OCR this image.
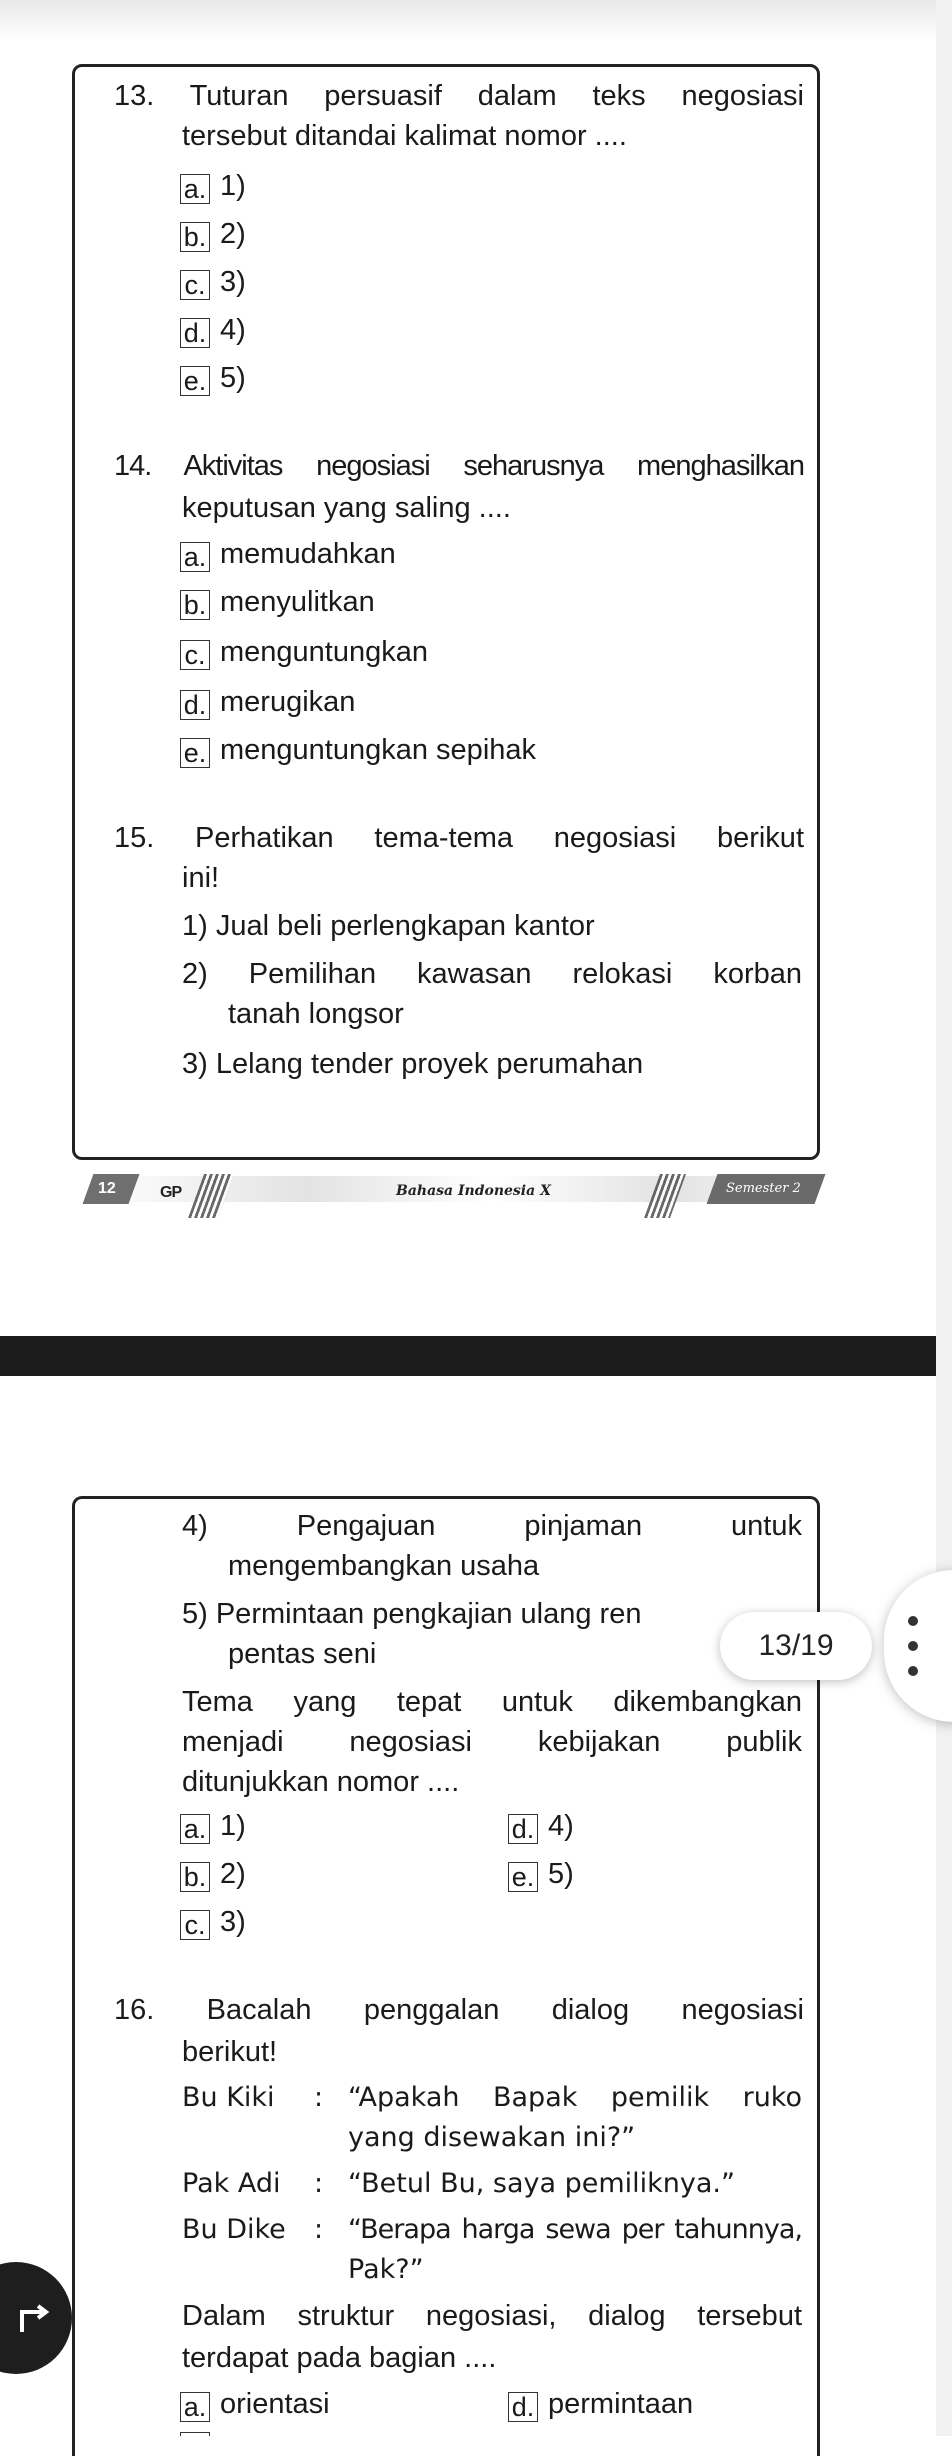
13. Tuturan persuasif dalam teks negosiasi
tersebut ditandai kalimat nomor ....
a. 1)
b. 2)
c. 3)
d. 4)
e. 5)
14. Aktivitas negosiasi seharusnya menghasilkan
keputusan yang saling ....
a. memudahkan
b. menyulitkan
c. menguntungkan
d. merugikan
e. menguntungkan sepihak
15. Perhatikan tema-tema negosiasi berikut
ini!
1) Jual beli perlengkapan kantor
2) Pemilihan kawasan relokasi korban
tanah longsor
3) Lelang tender proyek perumahan
12	GP	Bahasa Indonesia X	Semester 2
4) Pengajuan pinjaman untuk
mengembangkan usaha
5) Permintaan pengkajian ulang ren
pentas seni
Tema yang tepat untuk dikembangkan
menjadi negosiasi kebijakan publik
ditunjukkan nomor ....
a. 1)	d. 4)
b. 2)	e. 5)
c. 3)
16. Bacalah penggalan dialog negosiasi
berikut!
Bu Kiki : “Apakah Bapak pemilik ruko
yang disewakan ini?”
Pak Adi : “Betul Bu, saya pemiliknya.”
Bu Dike : “Berapa harga sewa per tahunnya,
Pak?”
Dalam struktur negosiasi, dialog tersebut
terdapat pada bagian ....
a. orientasi	d. permintaan
13/19
